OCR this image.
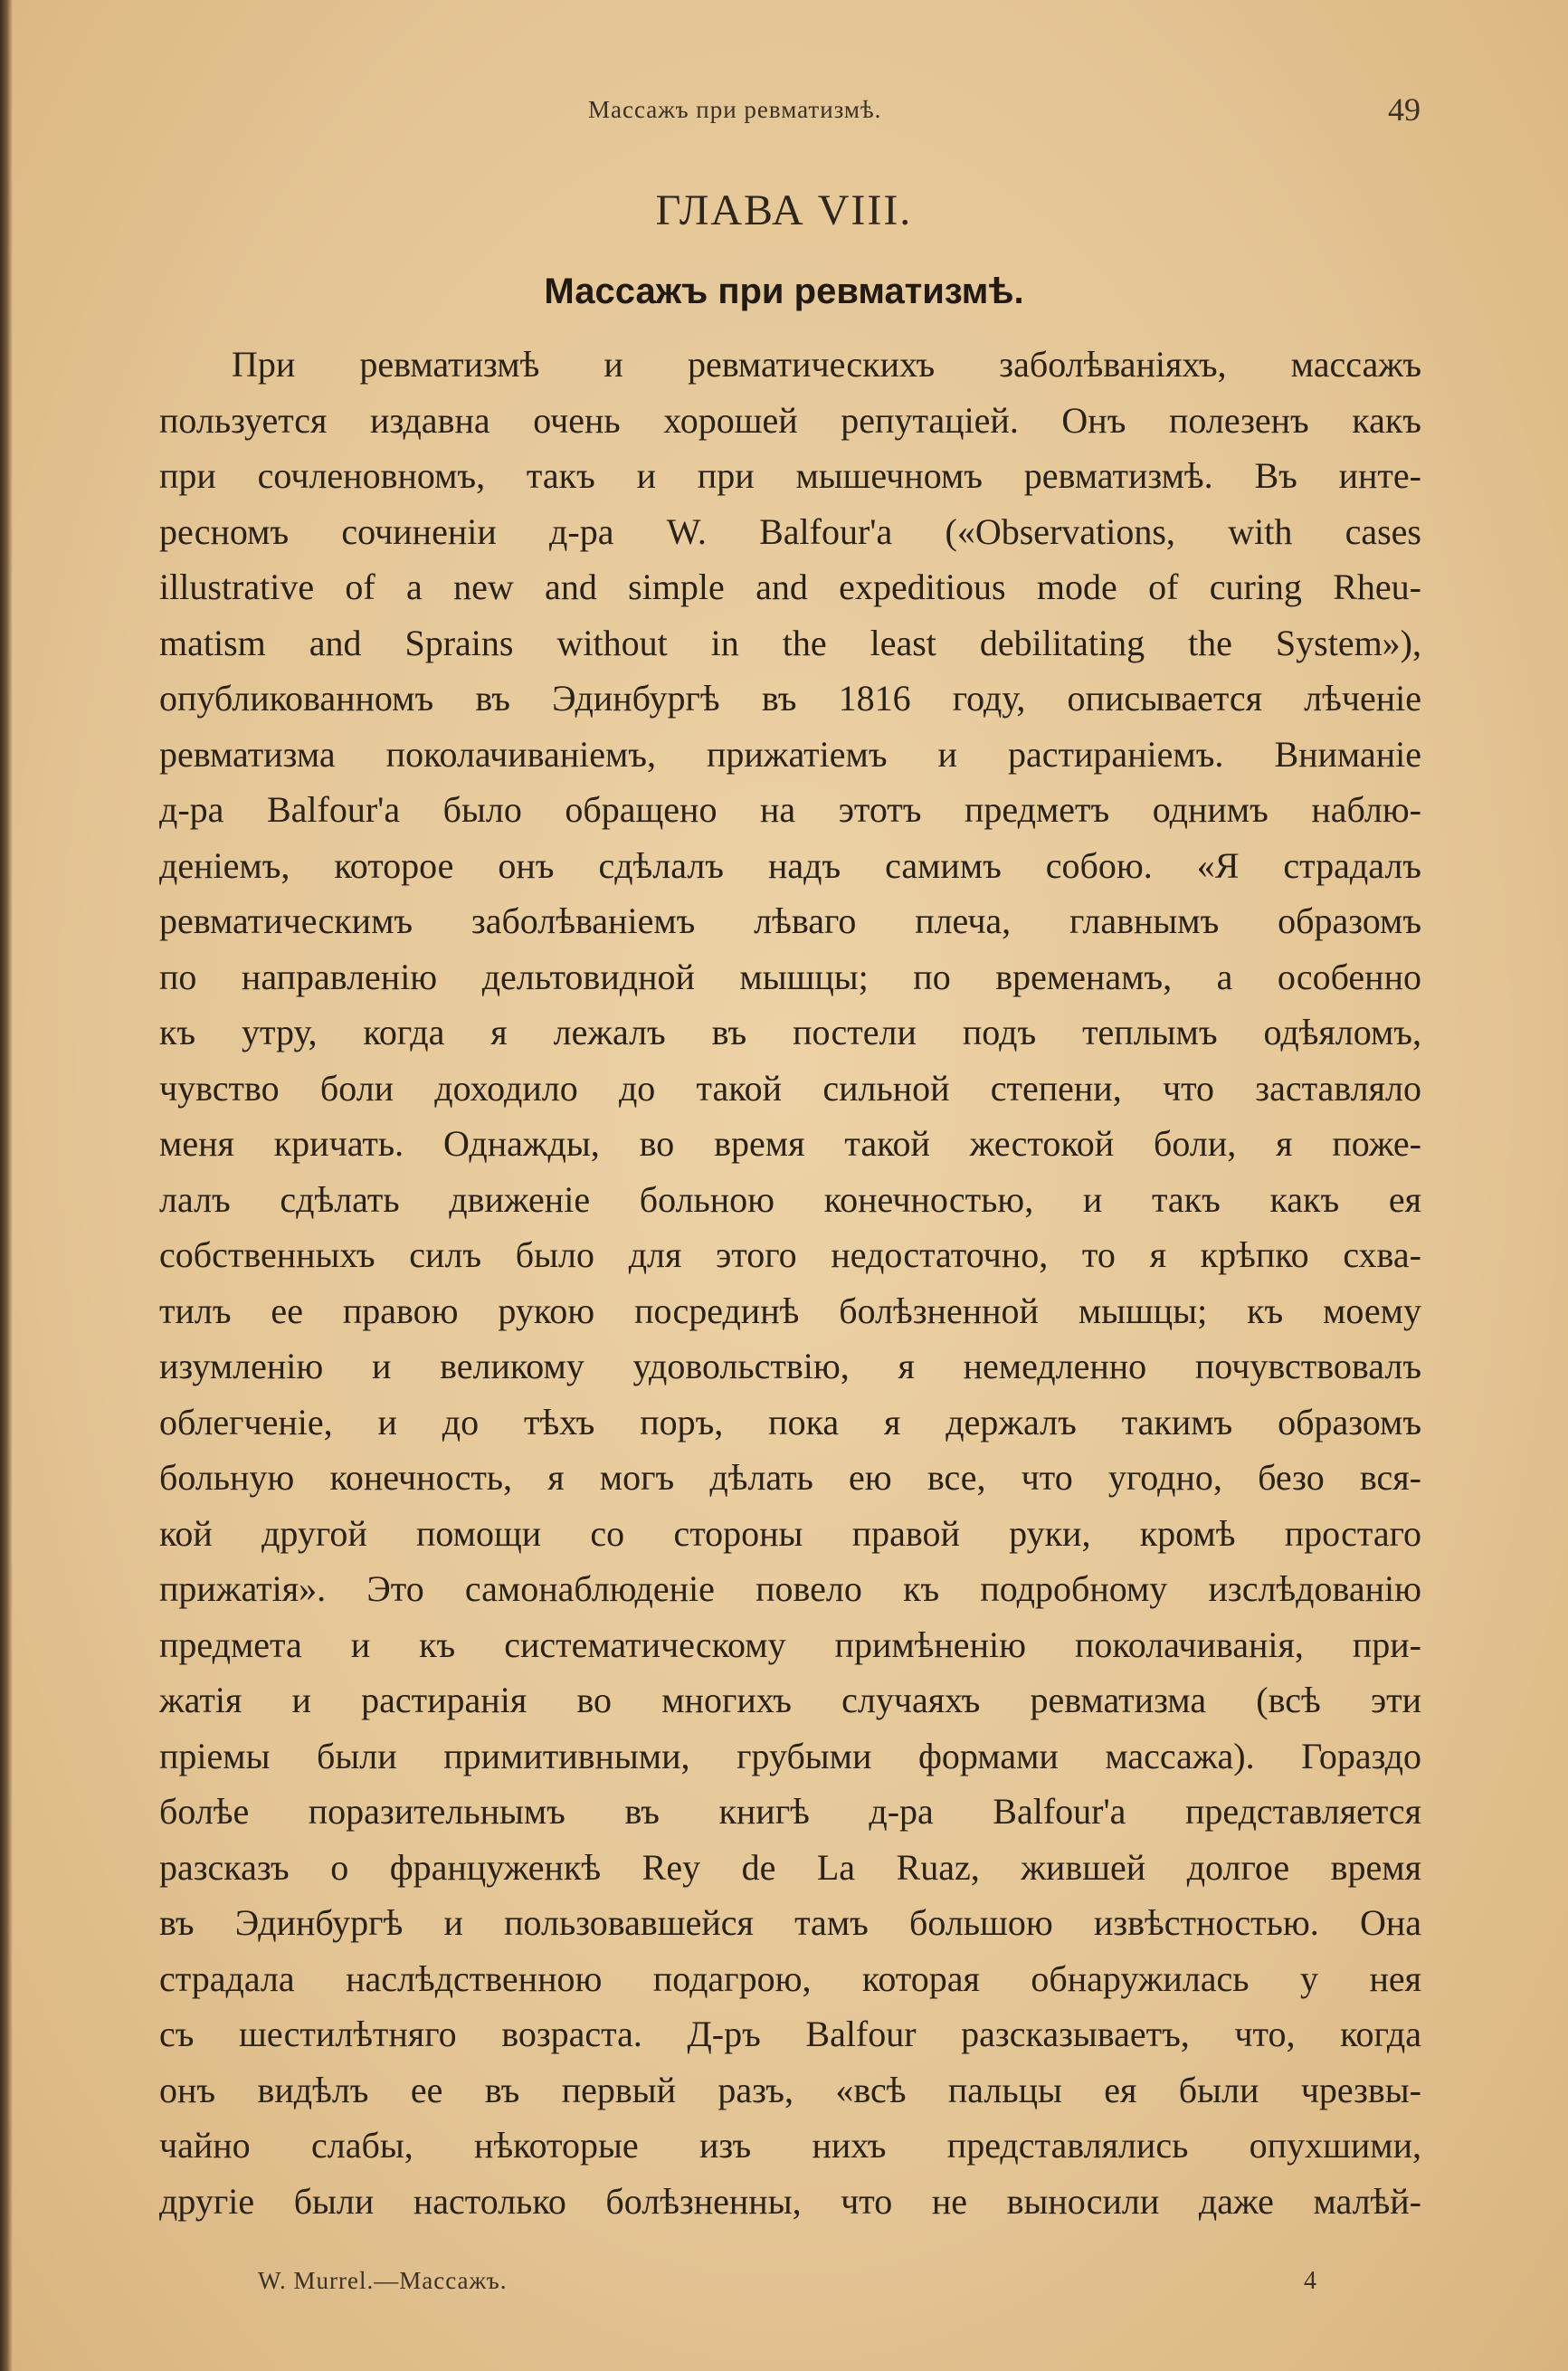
Массажъ при ревматизмѣ.	49
ГЛАВА VIII.
Массажъ при ревматизмѣ.
При ревматизмѣ и ревматическихъ заболѣваніяхъ, массажъ
пользуется издавна очень хорошей репутаціей. Онъ полезенъ какъ
при сочленовномъ, такъ и при мышечномъ ревматизмѣ. Въ инте-
ресномъ сочиненіи д-ра W. Balfour'а («Observations, with cases
illustrative of a new and simple and expeditious mode of curing Rheu-
matism and Sprains without in the least debilitating the System»),
опубликованномъ въ Эдинбургѣ въ 1816 году, описывается лѣченіе
ревматизма поколачиваніемъ, прижатіемъ и растираніемъ. Вниманіе
д-ра Balfour'а было обращено на этотъ предметъ однимъ наблю-
деніемъ, которое онъ сдѣлалъ надъ самимъ собою. «Я страдалъ
ревматическимъ заболѣваніемъ лѣваго плеча, главнымъ образомъ
по направленію дельтовидной мышцы; по временамъ, а особенно
къ утру, когда я лежалъ въ постели подъ теплымъ одѣяломъ,
чувство боли доходило до такой сильной степени, что заставляло
меня кричать. Однажды, во время такой жестокой боли, я поже-
лалъ сдѣлать движеніе больною конечностью, и такъ какъ ея
собственныхъ силъ было для этого недостаточно, то я крѣпко схва-
тилъ ее правою рукою посрединѣ болѣзненной мышцы; къ моему
изумленію и великому удовольствію, я немедленно почувствовалъ
облегченіе, и до тѣхъ поръ, пока я держалъ такимъ образомъ
больную конечность, я могъ дѣлать ею все, что угодно, безо вся-
кой другой помощи со стороны правой руки, кромѣ простаго
прижатія». Это самонаблюденіе повело къ подробному изслѣдованію
предмета и къ систематическому примѣненію поколачиванія, при-
жатія и растиранія во многихъ случаяхъ ревматизма (всѣ эти
пріемы были примитивными, грубыми формами массажа). Гораздо
болѣе поразительнымъ въ книгѣ д-ра Balfour'а представляется
разсказъ о француженкѣ Rey de La Ruaz, жившей долгое время
въ Эдинбургѣ и пользовавшейся тамъ большою извѣстностью. Она
страдала наслѣдственною подагрою, которая обнаружилась у нея
съ шестилѣтняго возраста. Д-ръ Balfour разсказываетъ, что, когда
онъ видѣлъ ее въ первый разъ, «всѣ пальцы ея были чрезвы-
чайно слабы, нѣкоторые изъ нихъ представлялись опухшими,
другіе были настолько болѣзненны, что не выносили даже малѣй-
W. Murrel.—Массажъ.	4
